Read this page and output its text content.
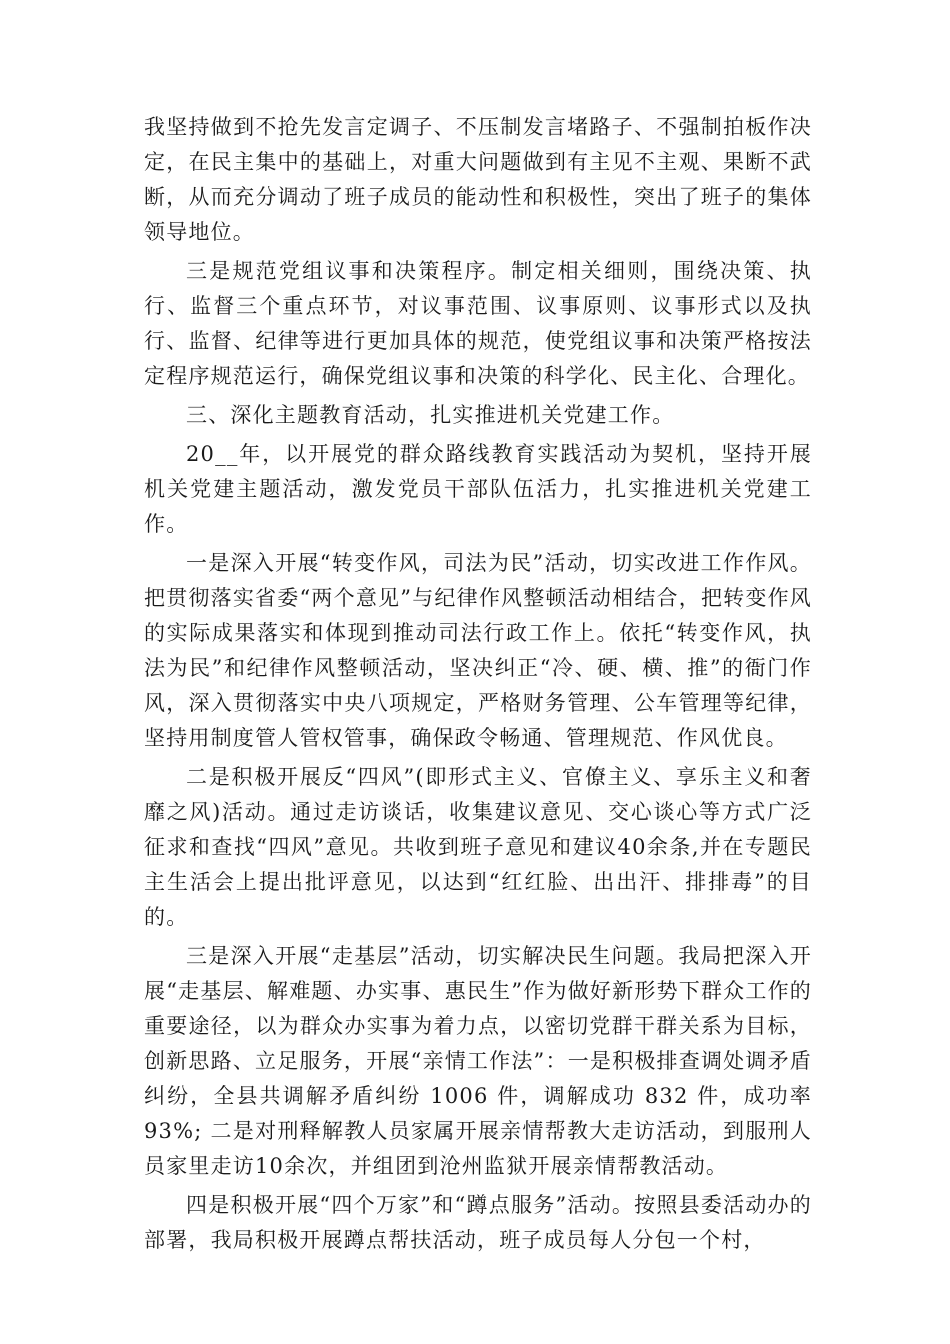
我坚持做到不抢先发言定调子、不压制发言堵路子、不强制拍板作决定，在民主集中的基础上，对重大问题做到有主见不主观、果断不武断，从而充分调动了班子成员的能动性和积极性，突出了班子的集体领导地位。

三是规范党组议事和决策程序。制定相关细则，围绕决策、执行、监督三个重点环节，对议事范围、议事原则、议事形式以及执行、监督、纪律等进行更加具体的规范，使党组议事和决策严格按法定程序规范运行，确保党组议事和决策的科学化、民主化、合理化。

三、深化主题教育活动，扎实推进机关党建工作。

20__年，以开展党的群众路线教育实践活动为契机，坚持开展机关党建主题活动，激发党员干部队伍活力，扎实推进机关党建工作。

一是深入开展“转变作风，司法为民”活动，切实改进工作作风。把贯彻落实省委“两个意见”与纪律作风整顿活动相结合，把转变作风的实际成果落实和体现到推动司法行政工作上。依托“转变作风，执法为民”和纪律作风整顿活动，坚决纠正“冷、硬、横、推”的衙门作风，深入贯彻落实中央八项规定，严格财务管理、公车管理等纪律，坚持用制度管人管权管事，确保政令畅通、管理规范、作风优良。

二是积极开展反“四风”(即形式主义、官僚主义、享乐主义和奢靡之风)活动。通过走访谈话，收集建议意见、交心谈心等方式广泛征求和查找“四风”意见。共收到班子意见和建议40余条,并在专题民主生活会上提出批评意见，以达到“红红脸、出出汗、排排毒”的目的。

三是深入开展“走基层”活动，切实解决民生问题。我局把深入开展“走基层、解难题、办实事、惠民生”作为做好新形势下群众工作的重要途径，以为群众办实事为着力点，以密切党群干群关系为目标，创新思路、立足服务，开展“亲情工作法”：一是积极排查调处调矛盾纠纷，全县共调解矛盾纠纷 1006 件，调解成功 832 件，成功率 93%; 二是对刑释解教人员家属开展亲情帮教大走访活动，到服刑人员家里走访10余次，并组团到沧州监狱开展亲情帮教活动。

四是积极开展“四个万家”和“蹲点服务”活动。按照县委活动办的部署，我局积极开展蹲点帮扶活动，班子成员每人分包一个村，
